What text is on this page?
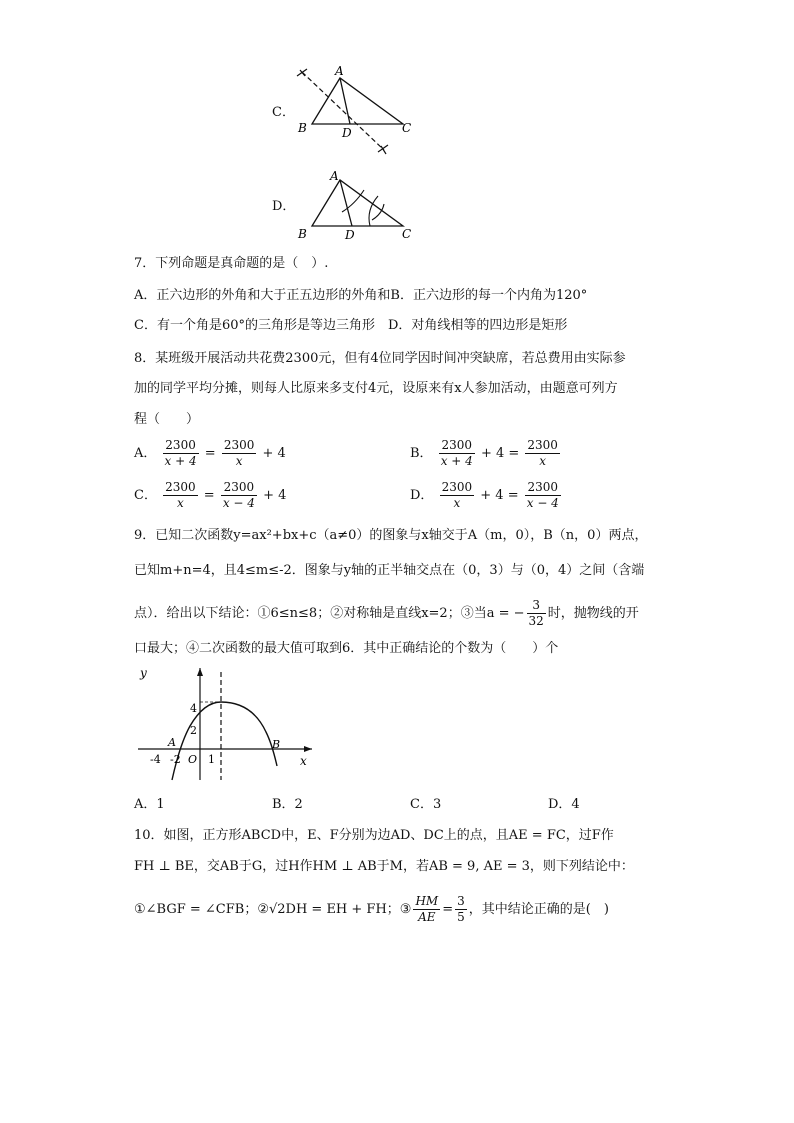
C．
A
B	C
D
D．
A
B	C
D
7．下列命题是真命题的是（　）.
A．正六边形的外角和大于正五边形的外角和B．正六边形的每一个内角为120°
C．有一个角是60°的三角形是等边三角形　D．对角线相等的四边形是矩形
8．某班级开展活动共花费2300元，但有4位同学因时间冲突缺席，若总费用由实际参
加的同学平均分摊，则每人比原来多支付4元，设原来有x人参加活动，由题意可列方
程（　　）
A． $\frac{2300}{x + 4} = \frac{2300}{x} + 4$	B． $\frac{2300}{x + 4} + 4 = \frac{2300}{x}$
C． $\frac{2300}{x} = \frac{2300}{x - 4} + 4$	D． $\frac{2300}{x} + 4 = \frac{2300}{x - 4}$
9．已知二次函数y=ax²+bx+c（a≠0）的图象与x轴交于A（m，0），B（n，0）两点，
已知m+n=4，且4≤m≤-2．图象与y轴的正半轴交点在（0，3）与（0，4）之间（含端
点）．给出以下结论：①6≤n≤8；②对称轴是直线x=2；③当a = − $\frac{3}{32}$ 时，抛物线的开
口最大；④二次函数的最大值可取到6．其中正确结论的个数为（　　）个
y
x
4
2
-4 -2 O 1
A	B
A．1	B．2	C．3	D．4
10．如图，正方形ABCD中，E、F分别为边AD、DC上的点，且AE = FC，过F作
FH ⊥ BE，交AB于G，过H作HM ⊥ AB于M，若AB = 9, AE = 3，则下列结论中：
①∠BGF = ∠CFB；②√2DH = EH + FH；③ $\frac{HM}{AE} = \frac{3}{5}$ ，其中结论正确的是(　)
